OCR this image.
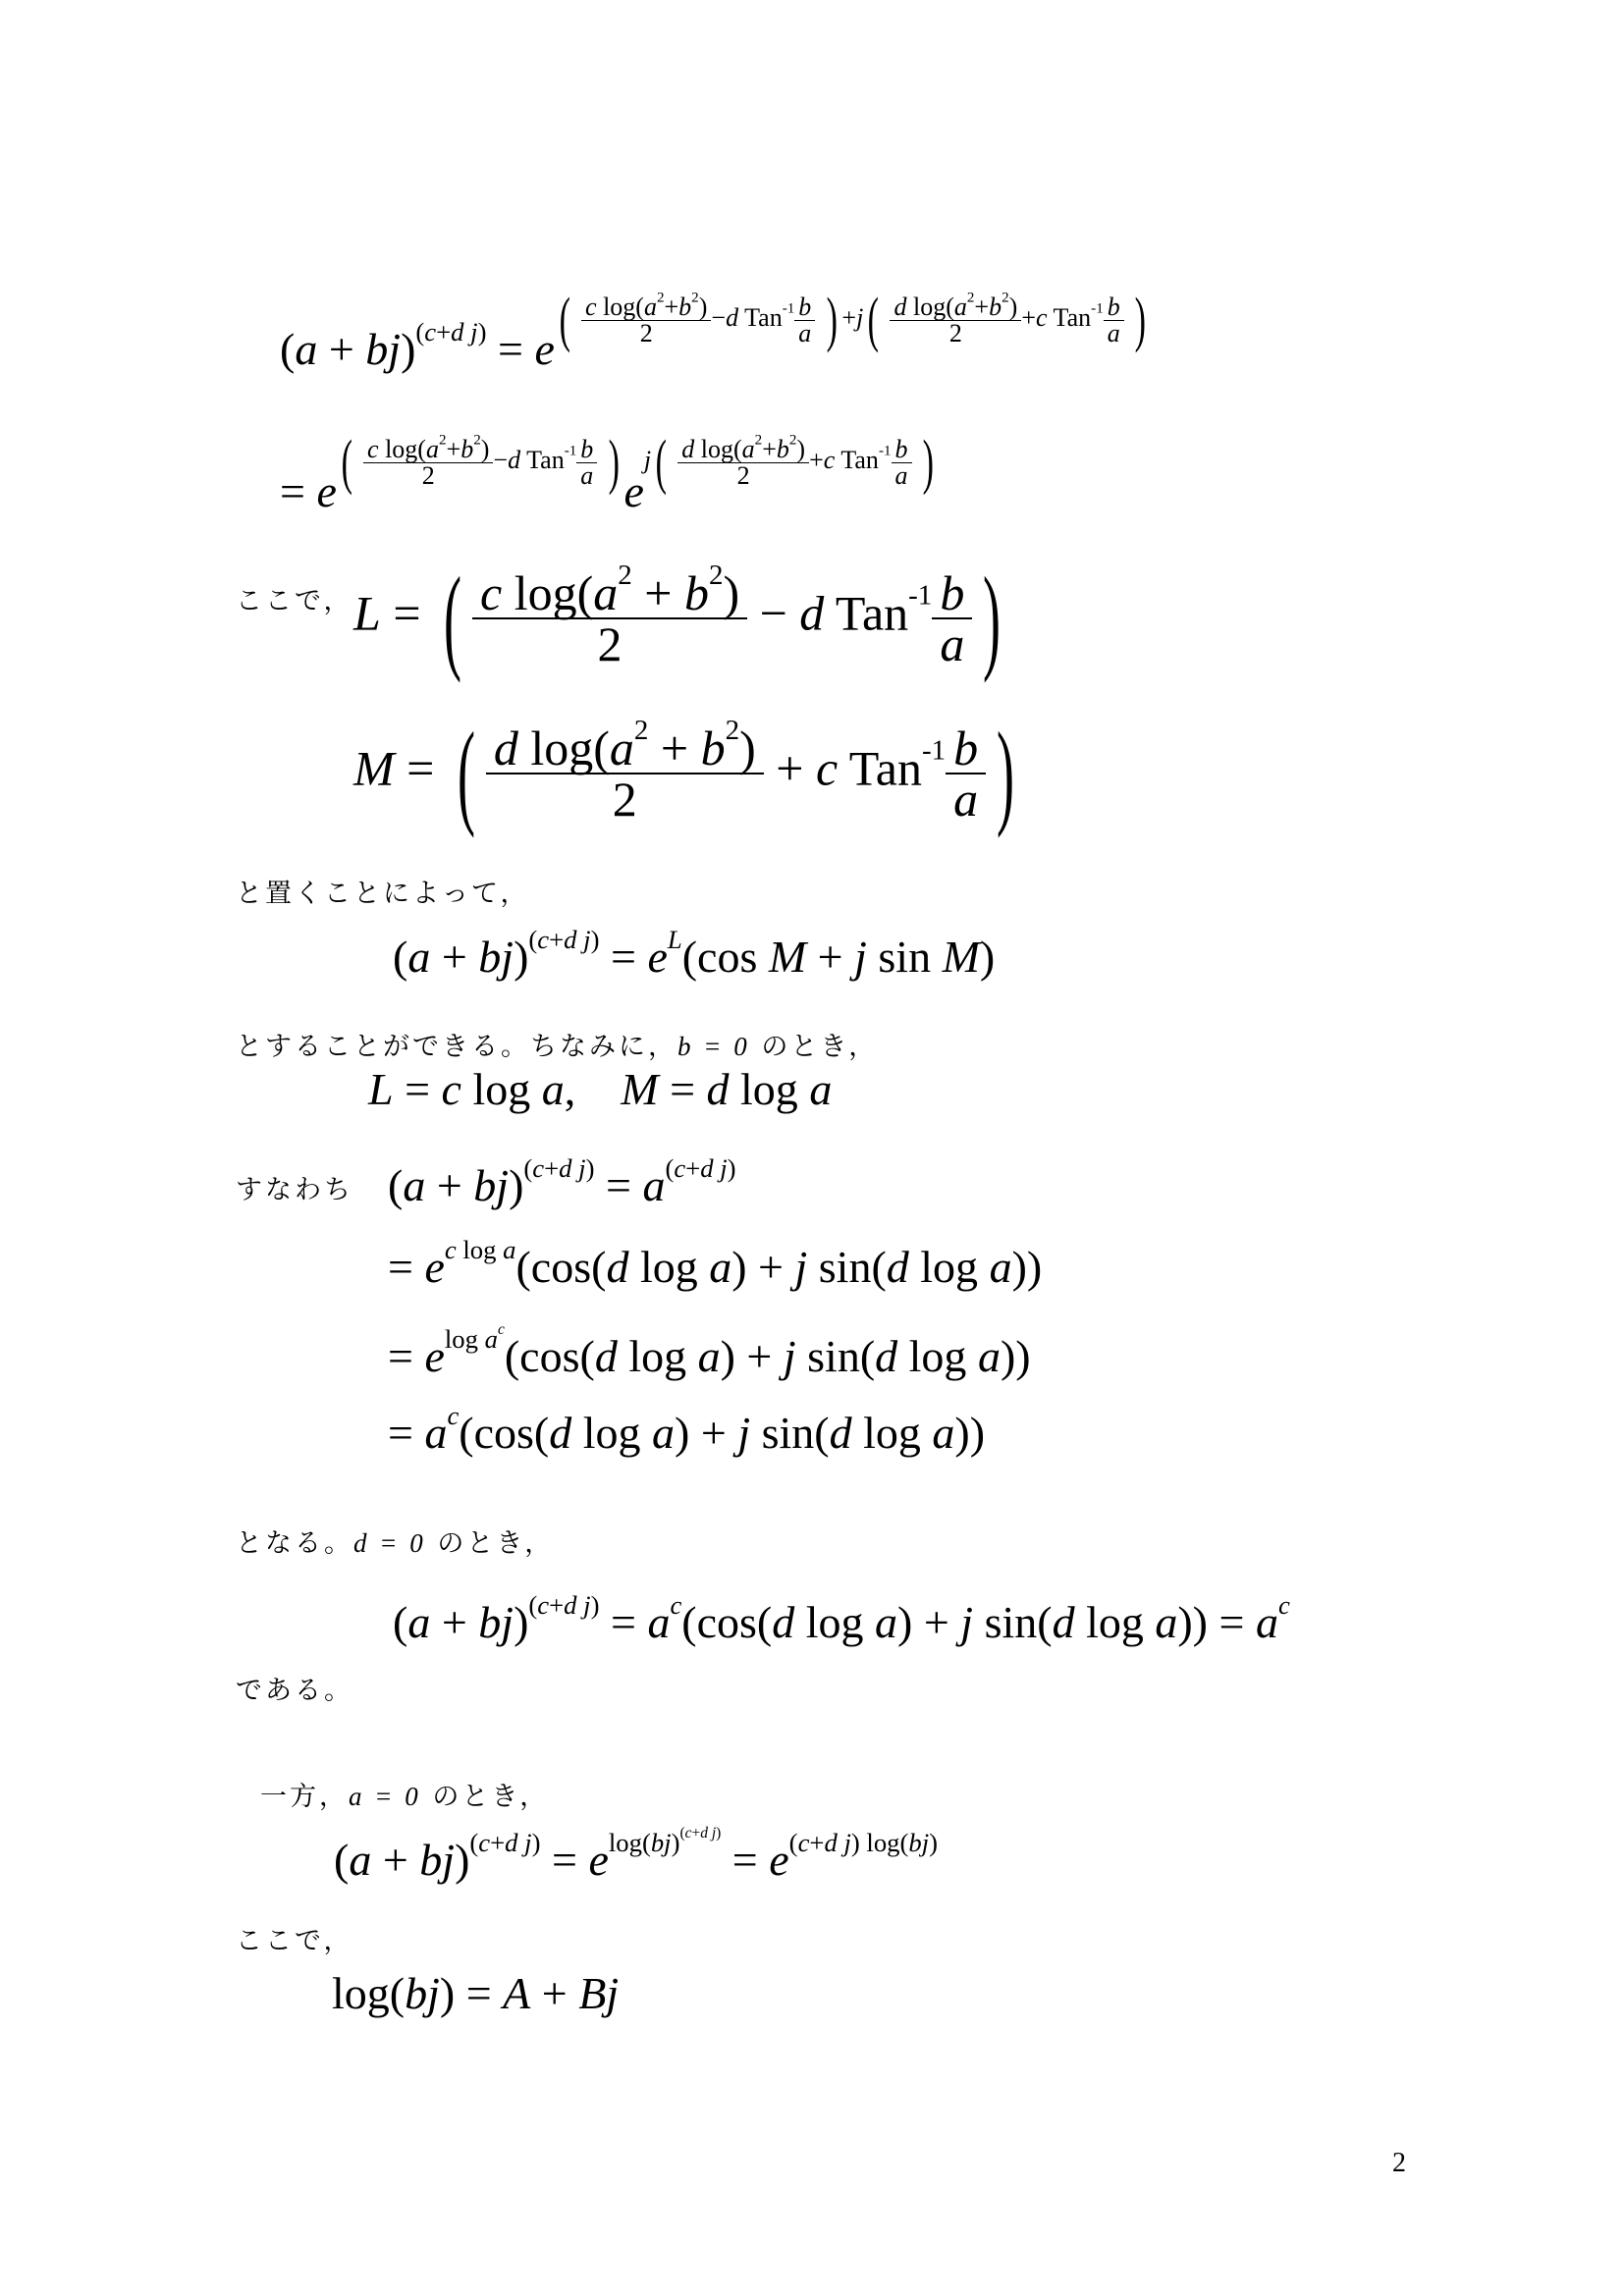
$(a + bj)^{(c+d j)} = e( \frac{c \log(a^2+b^2)}{2} -d$ $Tan^{-1} \frac{b}{a}$ ) $+j( \frac{d \log(a^2+b^2)}{2} +c$ $Tan^{-1} \frac{b}{a}$ )
= $e( \frac{c \log(a^2+b^2)}{2} -d$ $Tan^{-1} \frac{b}{a}$ ) $ej( \frac{d \log(a^2+b^2)}{2} +c$ $Tan^{-1} \frac{b}{a}$ )
ここで， L = ( $\frac{c \log(a^2 + b^2)}{2} - d$ $Tan^{-1} \frac{b}{a}$ )
M = ( $\frac{d \log(a^2 + b^2)}{2} + c$ $Tan^{-1} \frac{b}{a}$ )
と置くことによって，
$(a + bj)^{(c+d j)} = e^L(\cos$ M + j sin M)
とすることができる。ちなみに，b = 0 のとき，
L = c log a,    M = d log a
すなわち $(a + bj)^{(c+d j)} = a^{(c+d j)}$
= $e^{c log a}(\cos(d$ log a) + j sin(d log a))
= $e^{log a^c}(\cos(d$ log a) + j sin(d log a))
= $a^c(\cos(d$ log a) + j sin(d log a))
となる。d = 0 のとき，
$(a + bj)^{(c+d j)} = a^c(\cos(d$ log a) + j sin(d $\log a)) = a^c$
である。
一方，a = 0 のとき，
$(a + bj)^{(c+d j)} = e^{log(bj)^{(c+d j)}} = e^{(c+d j) log(bj)}$
ここで，
log(bj) = A + Bj
2
